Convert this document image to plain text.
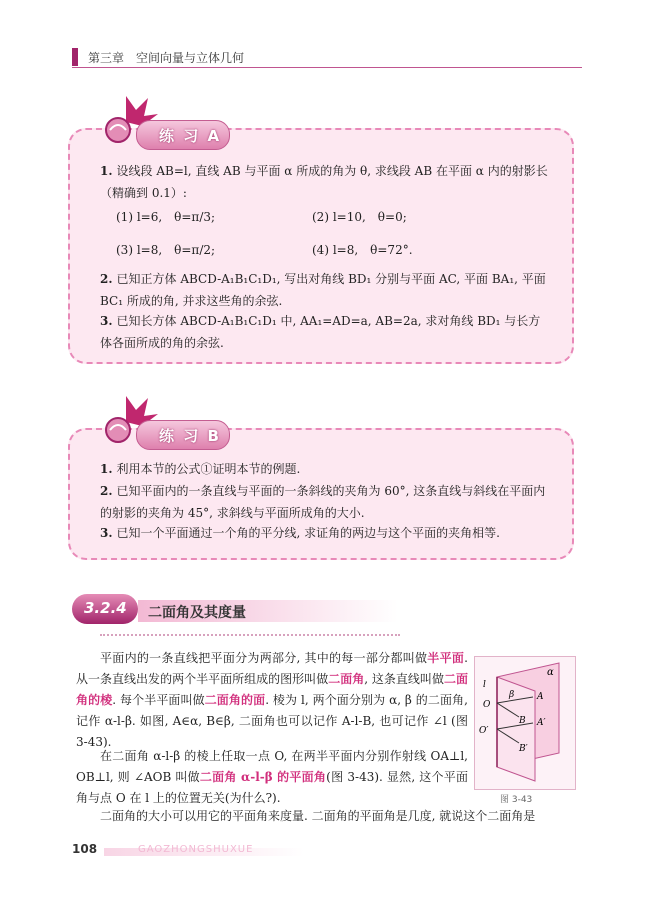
第三章　空间向量与立体几何
练 习 A
1. 设线段 AB=l, 直线 AB 与平面 α 所成的角为 θ, 求线段 AB 在平面 α 内的射影长（精确到 0.1）:
(1) l=6,　θ=π/3;	(2) l=10,　θ=0;
(3) l=8,　θ=π/2;	(4) l=8,　θ=72°.
2. 已知正方体 ABCD-A₁B₁C₁D₁, 写出对角线 BD₁ 分别与平面 AC, 平面 BA₁, 平面 BC₁ 所成的角, 并求这些角的余弦.
3. 已知长方体 ABCD-A₁B₁C₁D₁ 中, AA₁=AD=a, AB=2a, 求对角线 BD₁ 与长方体各面所成的角的余弦.
练 习 B
1. 利用本节的公式①证明本节的例题.
2. 已知平面内的一条直线与平面的一条斜线的夹角为 60°, 这条直线与斜线在平面内的射影的夹角为 45°, 求斜线与平面所成角的大小.
3. 已知一个平面通过一个角的平分线, 求证角的两边与这个平面的夹角相等.
3.2.4 二面角及其度量
平面内的一条直线把平面分为两部分, 其中的每一部分都叫做半平面. 从一条直线出发的两个半平面所组成的图形叫做二面角, 这条直线叫做二面角的棱. 每个半平面叫做二面角的面. 棱为 l, 两个面分别为 α, β 的二面角, 记作 α-l-β. 如图, A∈α, B∈β, 二面角也可以记作 A-l-B, 也可记作 ∠l (图 3-43).
在二面角 α-l-β 的棱上任取一点 O, 在两半平面内分别作射线 OA⊥l, OB⊥l, 则 ∠AOB 叫做二面角 α-l-β 的平面角(图 3-43). 显然, 这个平面角与点 O 在 l 上的位置无关(为什么?).
二面角的大小可以用它的平面角来度量. 二面角的平面角是几度, 就说这个二面角是
α
β
l
O
O′
A
A′
B
B′
图 3-43
108	GAOZHONGSHUXUE
